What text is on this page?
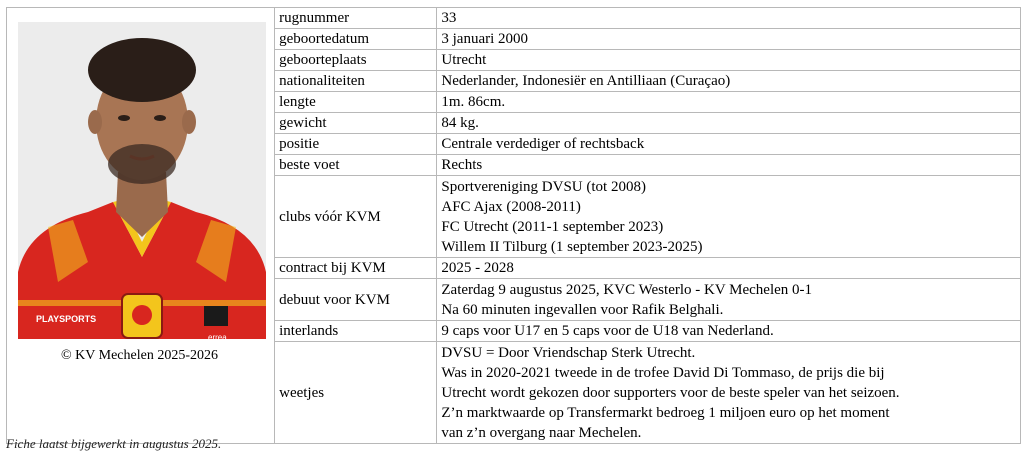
PLAYSPORTS
errea
© KV Mechelen 2025-2026	rugnummer	33
	geboortedatum	3 januari 2000
	geboorteplaats	Utrecht
	nationaliteiten	Nederlander, Indonesiër en Antilliaan (Curaçao)
	lengte	1m. 86cm.
	gewicht	84 kg.
	positie	Centrale verdediger of rechtsback
	beste voet	Rechts
	clubs vóór KVM	Sportvereniging DVSU (tot 2008)
AFC Ajax (2008-2011)
FC Utrecht (2011-1 september 2023)
Willem II Tilburg (1 september 2023-2025)

	contract bij KVM	2025 - 2028
	debuut voor KVM	Zaterdag 9 augustus 2025, KVC Westerlo - KV Mechelen 0-1
Na 60 minuten ingevallen voor Rafik Belghali.

	interlands	9 caps voor U17 en 5 caps voor de U18 van Nederland.
	weetjes	DVSU = Door Vriendschap Sterk Utrecht.
Was in 2020-2021 tweede in de trofee David Di Tommaso, de prijs die bij
Utrecht wordt gekozen door supporters voor de beste speler van het seizoen.
Z’n marktwaarde op Transfermarkt bedroeg 1 miljoen euro op het moment
van z’n overgang naar Mechelen.
Fiche laatst bijgewerkt in augustus 2025.
